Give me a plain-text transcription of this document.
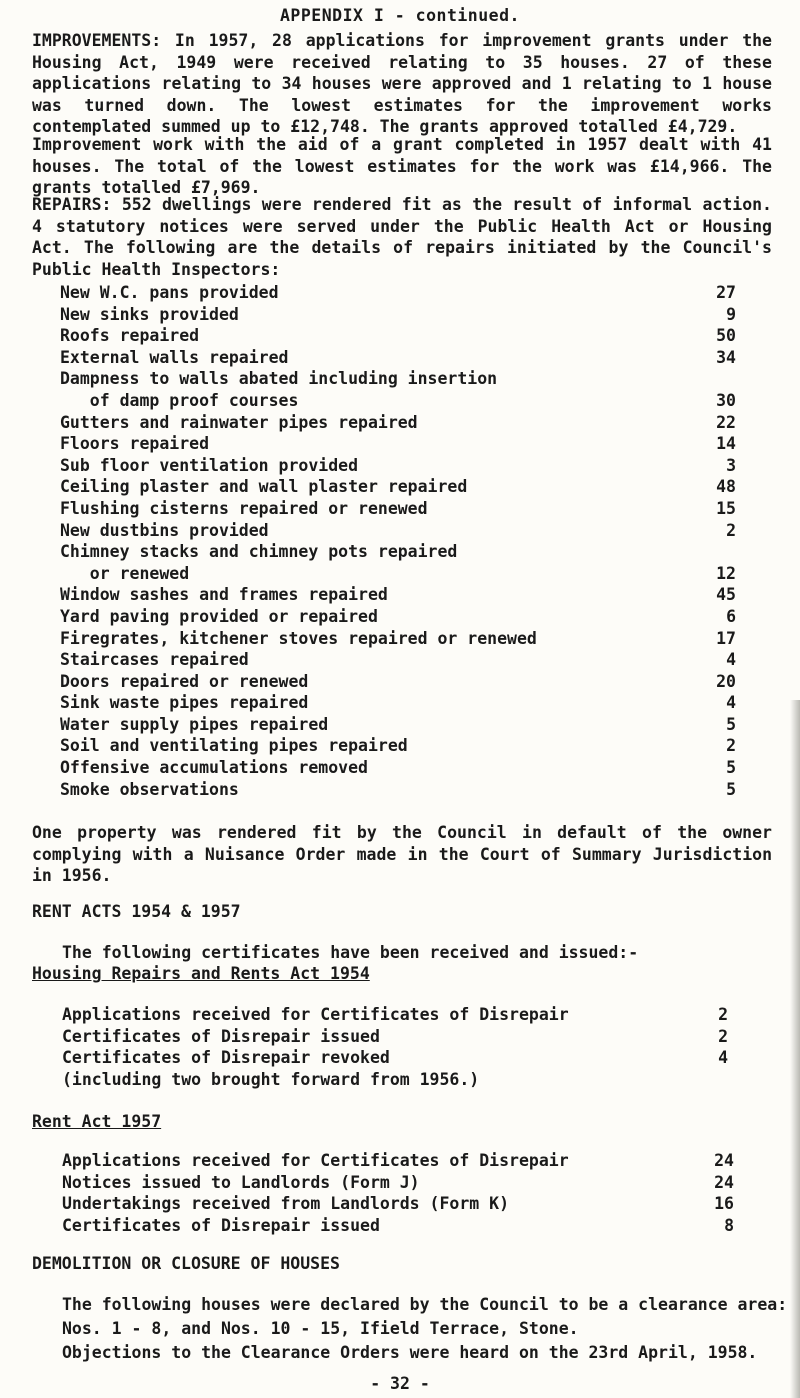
APPENDIX I - continued.
IMPROVEMENTS: In 1957, 28 applications for improvement grants under the Housing Act, 1949 were received relating to 35 houses. 27 of these applications relating to 34 houses were approved and 1 relating to 1 house was turned down. The lowest estimates for the improvement works contemplated summed up to £12,748. The grants approved totalled £4,729.
Improvement work with the aid of a grant completed in 1957 dealt with 41 houses. The total of the lowest estimates for the work was £14,966. The grants totalled £7,969.
REPAIRS: 552 dwellings were rendered fit as the result of informal action. 4 statutory notices were served under the Public Health Act or Housing Act. The following are the details of repairs initiated by the Council's Public Health Inspectors:
New W.C. pans provided	27
New sinks provided	9
Roofs repaired	50
External walls repaired	34
Dampness to walls abated including insertion
of damp proof courses	30
Gutters and rainwater pipes repaired	22
Floors repaired	14
Sub floor ventilation provided	3
Ceiling plaster and wall plaster repaired	48
Flushing cisterns repaired or renewed	15
New dustbins provided	2
Chimney stacks and chimney pots repaired
or renewed	12
Window sashes and frames repaired	45
Yard paving provided or repaired	6
Firegrates, kitchener stoves repaired or renewed	17
Staircases repaired	4
Doors repaired or renewed	20
Sink waste pipes repaired	4
Water supply pipes repaired	5
Soil and ventilating pipes repaired	2
Offensive accumulations removed	5
Smoke observations	5
One property was rendered fit by the Council in default of the owner complying with a Nuisance Order made in the Court of Summary Jurisdiction in 1956.
RENT ACTS 1954 & 1957
The following certificates have been received and issued:-
Housing Repairs and Rents Act 1954
Applications received for Certificates of Disrepair	2
Certificates of Disrepair issued	2
Certificates of Disrepair revoked	4
(including two brought forward from 1956.)
Rent Act 1957
Applications received for Certificates of Disrepair	24
Notices issued to Landlords (Form J)	24
Undertakings received from Landlords (Form K)	16
Certificates of Disrepair issued	8
DEMOLITION OR CLOSURE OF HOUSES
The following houses were declared by the Council to be a clearance area:
Nos. 1 - 8, and Nos. 10 - 15, Ifield Terrace, Stone.
Objections to the Clearance Orders were heard on the 23rd April, 1958.
- 32 -
